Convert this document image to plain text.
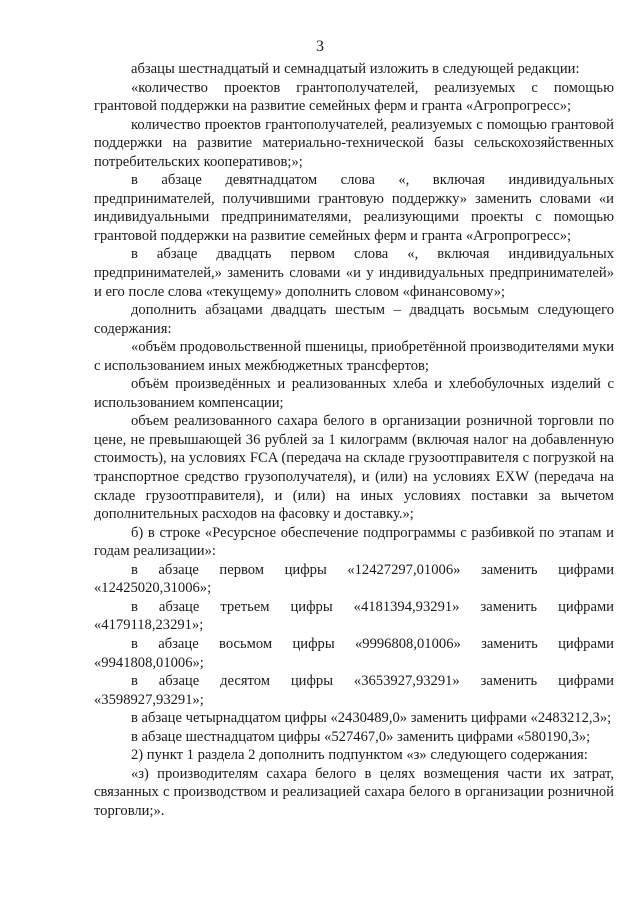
3

абзацы шестнадцатый и семнадцатый изложить в следующей редакции:

«количество проектов грантополучателей, реализуемых с помощью грантовой поддержки на развитие семейных ферм и гранта «Агропрогресс»;

количество проектов грантополучателей, реализуемых с помощью грантовой поддержки на развитие материально-технической базы сельскохозяйственных потребительских кооперативов;»;

в абзаце девятнадцатом слова «, включая индивидуальных предпринимателей, получившими грантовую поддержку» заменить словами «и индивидуальными предпринимателями, реализующими проекты с помощью грантовой поддержки на развитие семейных ферм и гранта «Агропрогресс»;

в абзаце двадцать первом слова «, включая индивидуальных предпринимателей,» заменить словами «и у индивидуальных предпринимателей» и его после слова «текущему» дополнить словом «финансовому»;

дополнить абзацами двадцать шестым – двадцать восьмым следующего содержания:

«объём продовольственной пшеницы, приобретённой производителями муки с использованием иных межбюджетных трансфертов;

объём произведённых и реализованных хлеба и хлебобулочных изделий с использованием компенсации;

объем реализованного сахара белого в организации розничной торговли по цене, не превышающей 36 рублей за 1 килограмм (включая налог на добавленную стоимость), на условиях FCA (передача на складе грузоотправителя с погрузкой на транспортное средство грузополучателя), и (или) на условиях EXW (передача на складе грузоотправителя), и (или) на иных условиях поставки за вычетом дополнительных расходов на фасовку и доставку.»;

б) в строке «Ресурсное обеспечение подпрограммы с разбивкой по этапам и годам реализации»:

в абзаце первом цифры «12427297,01006» заменить цифрами «12425020,31006»;

в абзаце третьем цифры «4181394,93291» заменить цифрами «4179118,23291»;

в абзаце восьмом цифры «9996808,01006» заменить цифрами «9941808,01006»;

в абзаце десятом цифры «3653927,93291» заменить цифрами «3598927,93291»;

в абзаце четырнадцатом цифры «2430489,0» заменить цифрами «2483212,3»;

в абзаце шестнадцатом цифры «527467,0» заменить цифрами «580190,3»;

2) пункт 1 раздела 2 дополнить подпунктом «з» следующего содержания:

«з) производителям сахара белого в целях возмещения части их затрат, связанных с производством и реализацией сахара белого в организации розничной торговли;».
